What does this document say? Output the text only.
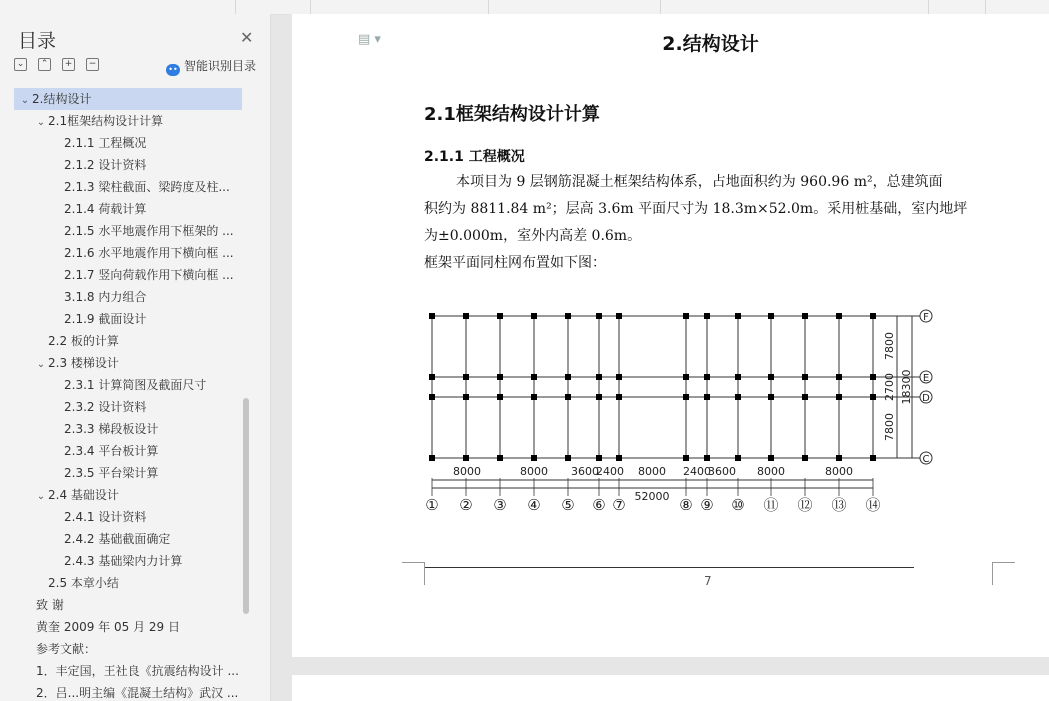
目录	✕
⌄	⌃	+	−
•• 智能识别目录
⌄ 2.结构设计
⌄ 2.1框架结构设计计算
2.1.1 工程概况
2.1.2 设计资料
2.1.3 梁柱截面、梁跨度及柱...
2.1.4 荷载计算
2.1.5 水平地震作用下框架的 ...
2.1.6 水平地震作用下横向框 ...
2.1.7 竖向荷载作用下横向框 ...
3.1.8 内力组合
2.1.9 截面设计
2.2 板的计算
⌄ 2.3 楼梯设计
2.3.1 计算简图及截面尺寸
2.3.2 设计资料
2.3.3 梯段板设计
2.3.4 平台板计算
2.3.5 平台梁计算
⌄ 2.4 基础设计
2.4.1 设计资料
2.4.2 基础截面确定
2.4.3 基础梁内力计算
2.5 本章小结
致 谢
黄奎 2009 年 05 月 29 日
参考文献：
1．丰定国，王社良《抗震结构设计 ...
2．吕...明主编《混凝土结构》武汉 ...
▤ ▾	2.结构设计
2.1框架结构设计计算
2.1.1 工程概况
本项目为 9 层钢筋混凝土框架结构体系，占地面积约为 960.96 m²，总建筑面
积约为 8811.84 m²；层高 3.6m 平面尺寸为 18.3m×52.0m。采用桩基础，室内地坪
为±0.000m，室外内高差 0.6m。
框架平面同柱网布置如下图：
8000	8000 3600
2400 8000 2400
3600 8000	8000
52000
① ② ③ ④ ⑤ ⑥ ⑦	⑧ ⑨ ⑩ ⑪ ⑫ ⑬ ⑭
F
E
D
C
7800
2700
7800
18300
7
